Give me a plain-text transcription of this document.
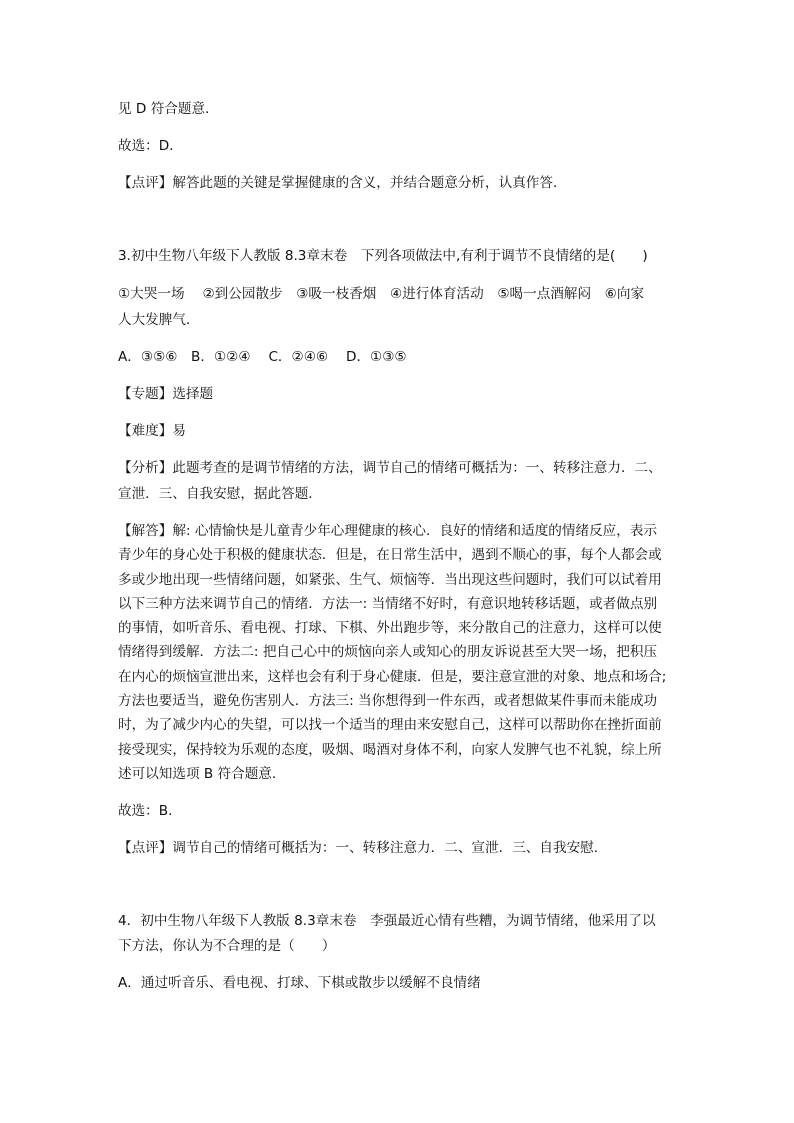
见 D 符合题意．
故选：D．
【点评】解答此题的关键是掌握健康的含义，并结合题意分析，认真作答．
3.初中生物八年级下人教版 8.3章末卷　下列各项做法中,有利于调节不良情绪的是(　　)
①大哭一场　 ②到公园散步　③吸一枝香烟　④进行体育活动　⑤喝一点酒解闷　⑥向家
人大发脾气．
A．③⑤⑥　B．①②④　 C．②④⑥　 D．①③⑤
【专题】选择题
【难度】易
【分析】此题考查的是调节情绪的方法，调节自己的情绪可概括为：一、转移注意力．二、
宣泄．三、自我安慰，据此答题．
【解答】解: 心情愉快是儿童青少年心理健康的核心．良好的情绪和适度的情绪反应，表示
青少年的身心处于积极的健康状态．但是，在日常生活中，遇到不顺心的事，每个人都会或
多或少地出现一些情绪问题，如紧张、生气、烦恼等．当出现这些问题时，我们可以试着用
以下三种方法来调节自己的情绪．方法一: 当情绪不好时，有意识地转移话题，或者做点别
的事情，如听音乐、看电视、打球、下棋、外出跑步等，来分散自己的注意力，这样可以使
情绪得到缓解．方法二: 把自己心中的烦恼向亲人或知心的朋友诉说甚至大哭一场，把积压
在内心的烦恼宣泄出来，这样也会有利于身心健康．但是，要注意宣泄的对象、地点和场合;
方法也要适当，避免伤害别人．方法三: 当你想得到一件东西，或者想做某件事而未能成功
时，为了减少内心的失望，可以找一个适当的理由来安慰自己，这样可以帮助你在挫折面前
接受现实，保持较为乐观的态度，吸烟、喝酒对身体不利，向家人发脾气也不礼貌，综上所
述可以知选项 B 符合题意．
故选：B．
【点评】调节自己的情绪可概括为：一、转移注意力．二、宣泄．三、自我安慰．
4．初中生物八年级下人教版 8.3章末卷　李强最近心情有些糟，为调节情绪，他采用了以
下方法，你认为不合理的是（　　）
A．通过听音乐、看电视、打球、下棋或散步以缓解不良情绪
